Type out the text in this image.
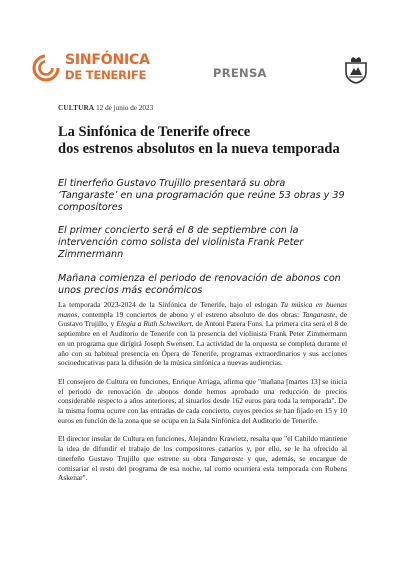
SINFÓNICA
DE TENERIFE	PRENSA
CULTURA 12 de junio de 2023
La Sinfónica de Tenerife ofrece
dos estrenos absolutos en la nueva temporada

El tinerfeño Gustavo Trujillo presentará su obra
‘Tangaraste’ en una programación que reúne 53 obras y 39
compositores

El primer concierto será el 8 de septiembre con la
intervención como solista del violinista Frank Peter
Zimmermann

Mañana comienza el periodo de renovación de abonos con
unos precios más económicos

La temporada 2023-2024 de la Sinfónica de Tenerife, bajo el eslogan Tu música en buenas manos, contempla 19 conciertos de abono y el estreno absoluto de dos obras: Tangaraste, de Gustavo Trujillo, y Elegía a Ruth Schweikert, de Antoni Parera Fons. La primera cita será el 8 de septiembre en el Auditorio de Tenerife con la presencia del violinista Frank Peter Zimmermann en un programa que dirigirá Joseph Swensen. La actividad de la orquesta se completa durante el año con su habitual presencia en Ópera de Tenerife, programas extraordinarios y sus acciones socioeducativas para la difusión de la música sinfónica a nuevas audiencias.

El consejero de Cultura en funciones, Enrique Arriaga, afirma que "mañana [martes 13] se inicia el periodo de renovación de abonos donde hemos aprobado una reducción de precios considerable respecto a años anteriores, al situarlos desde 162 euros para toda la temporada". De la misma forma ocurre con las entradas de cada concierto, cuyos precios se han fijado en 15 y 10 euros en función de la zona que se ocupa en la Sala Sinfónica del Auditorio de Tenerife.

El director insular de Cultura en funciones, Alejandro Krawietz, resalta que "el Cabildo mantiene la idea de difundir el trabajo de los compositores canarios y, por ello, se le ha ofrecido al tinerfeño Gustavo Trujillo que estrene su obra Tangaraste y que, además, se encargue de comisariar el resto del programa de esa noche, tal como ocurriera esta temporada con Rubens Askenar".
